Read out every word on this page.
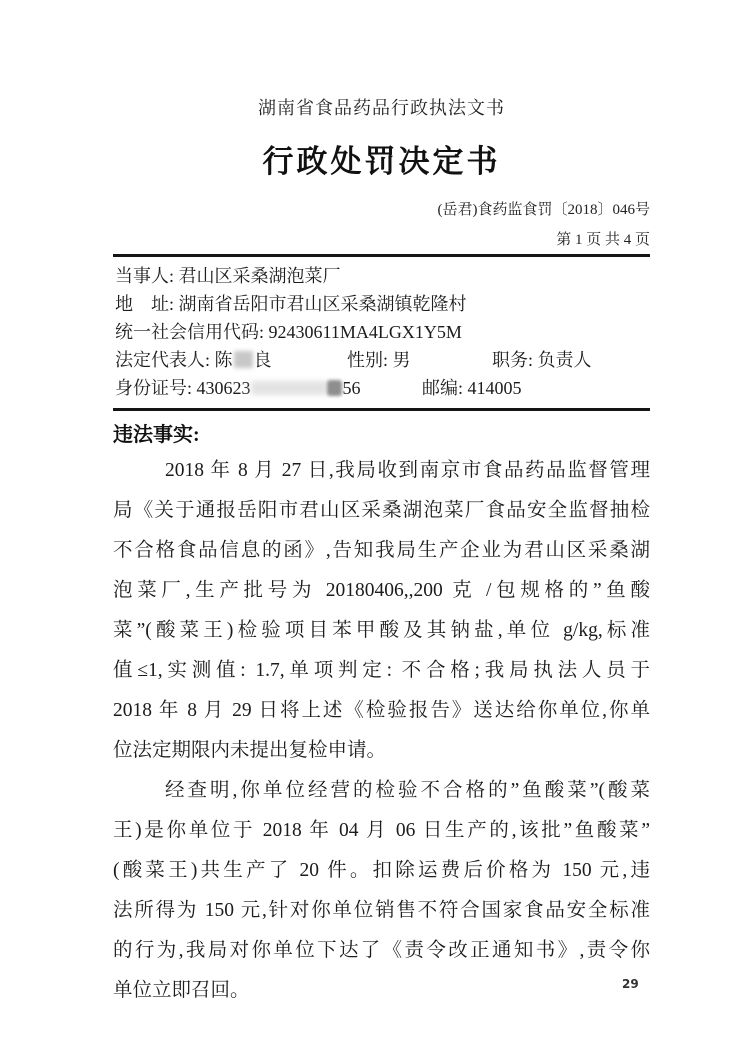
湖南省食品药品行政执法文书
行政处罚决定书
(岳君)食药监食罚〔2018〕046号
第 1 页 共 4 页
当事人: 君山区采桑湖泡菜厂
地　址: 湖南省岳阳市君山区采桑湖镇乾隆村
统一社会信用代码: 92430611MA4LGX1Y5M
法定代表人: 陈 良	性别: 男	职务: 负责人
身份证号: 430623	56	邮编: 414005
违法事实:
2018 年 8 月 27 日,我局收到南京市食品药品监督管理
局《关于通报岳阳市君山区采桑湖泡菜厂食品安全监督抽检
不合格食品信息的函》,告知我局生产企业为君山区采桑湖
泡菜厂,生产批号为 20180406,,200 克 /包规格的”鱼酸
菜”(酸菜王)检验项目苯甲酸及其钠盐,单位 g/kg,标准
值≤1,实测值: 1.7,单项判定: 不合格;我局执法人员于
2018 年 8 月 29 日将上述《检验报告》送达给你单位,你单
位法定期限内未提出复检申请。
经查明,你单位经营的检验不合格的”鱼酸菜”(酸菜
王)是你单位于 2018 年 04 月 06 日生产的,该批”鱼酸菜”
(酸菜王)共生产了 20 件。扣除运费后价格为 150 元,违
法所得为 150 元,针对你单位销售不符合国家食品安全标准
的行为,我局对你单位下达了《责令改正通知书》,责令你
单位立即召回。	29
